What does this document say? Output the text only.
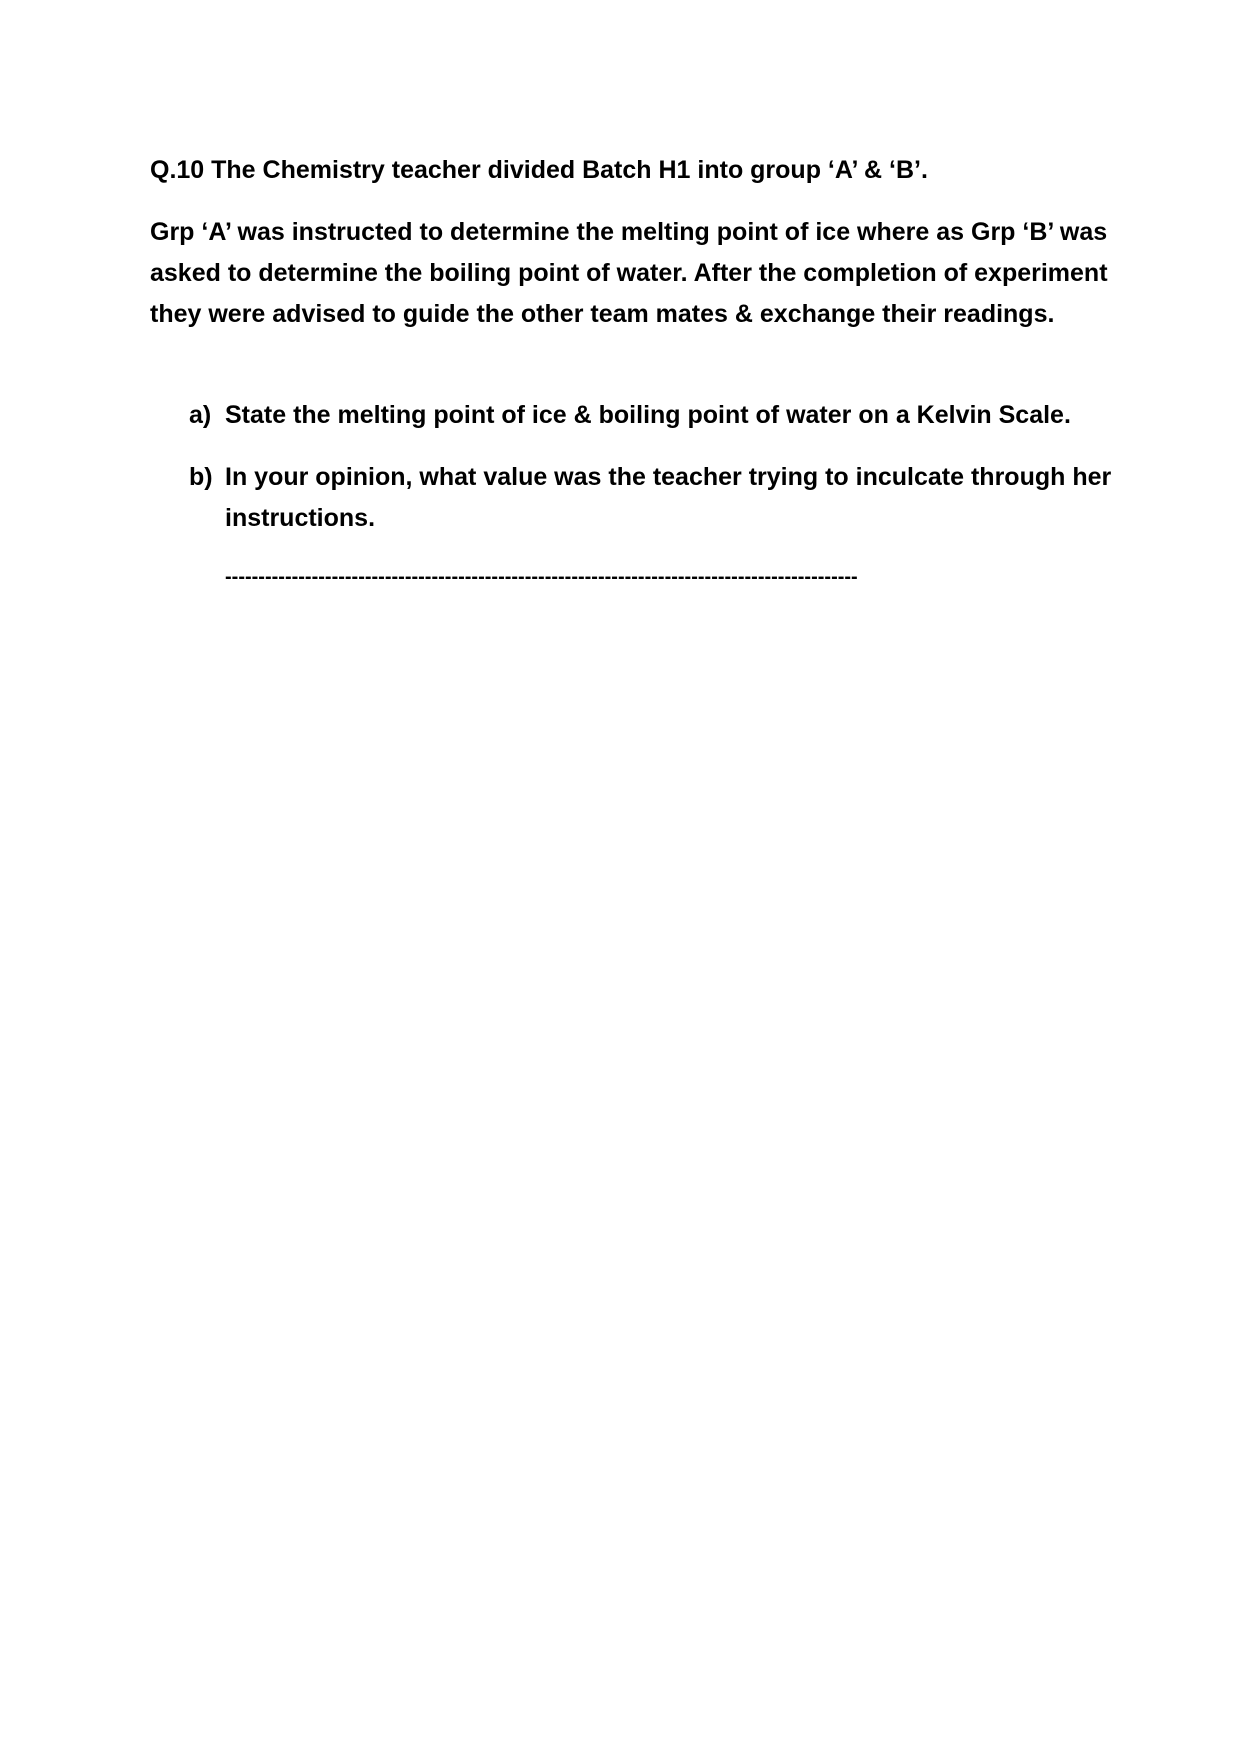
Q.10 The Chemistry teacher divided Batch H1 into group ‘A’ & ‘B’.
Grp ‘A’ was instructed to determine the melting point of ice where as Grp ‘B’ was asked to determine the boiling point of water. After the completion of experiment they were advised to guide the other team mates & exchange their readings.
a) State the melting point of ice & boiling point of water on a Kelvin Scale.
b) In your opinion, what value was the teacher trying to inculcate through her instructions.
-----------------------------------------------------------------------------------------------
